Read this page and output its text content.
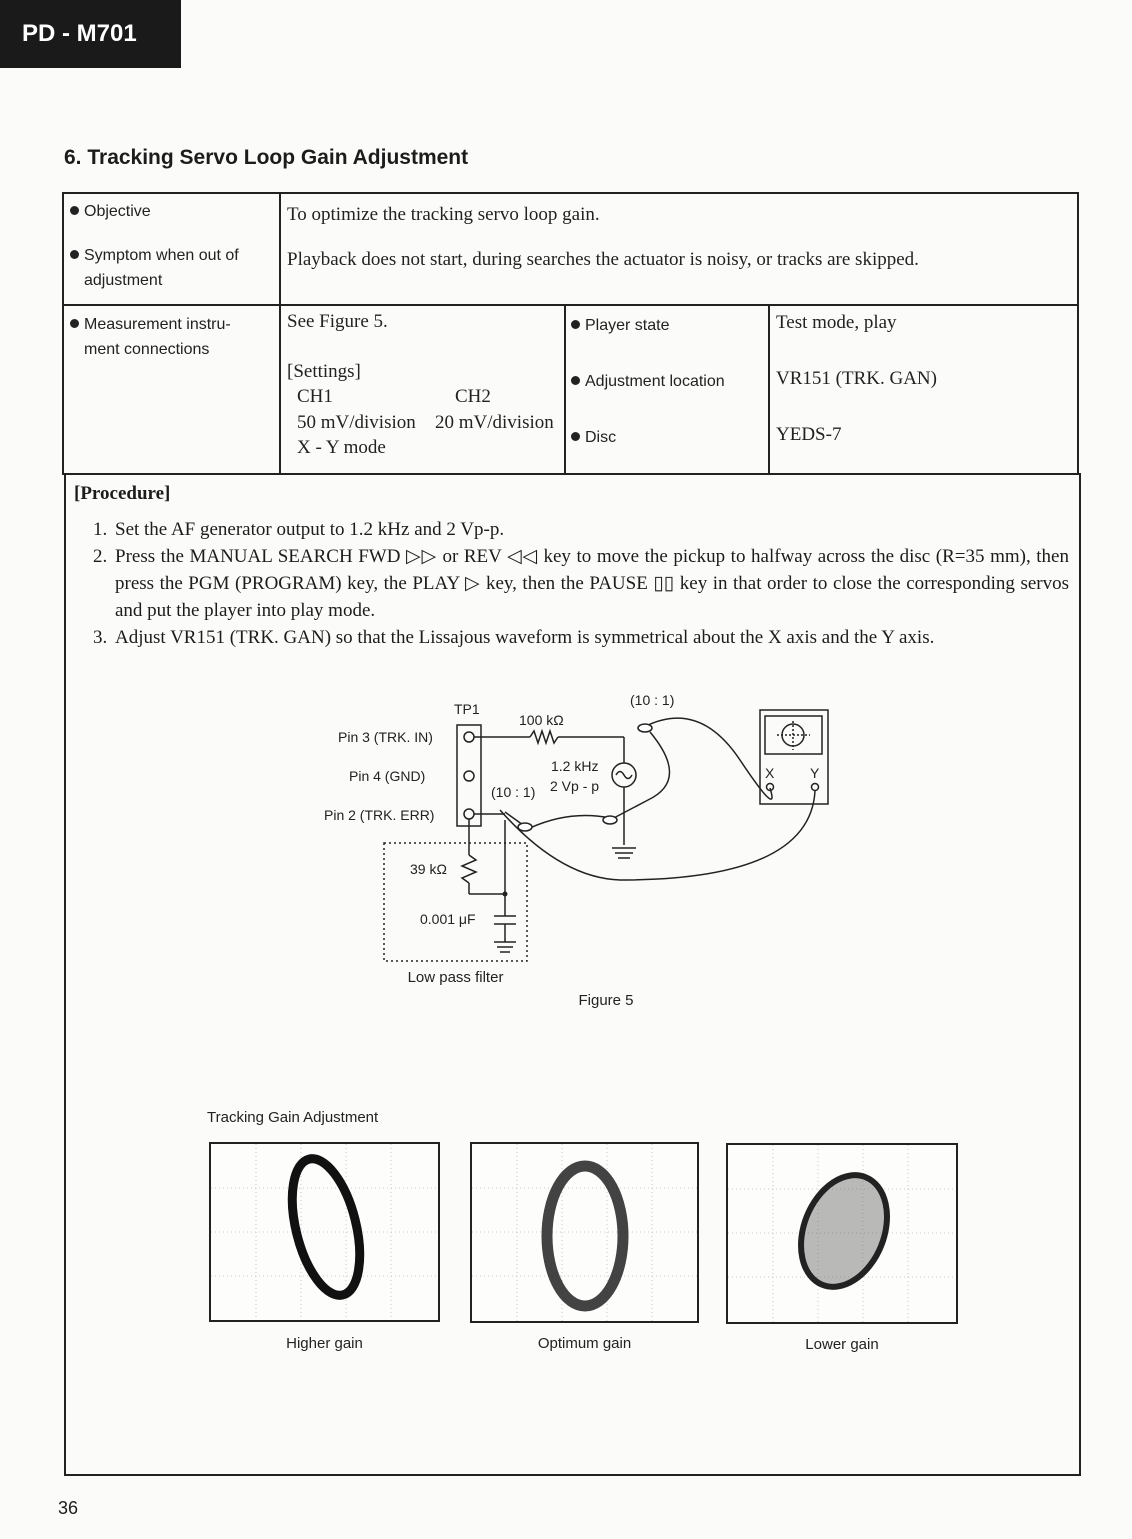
PD - M701
6. Tracking Servo Loop Gain Adjustment
Objective	To optimize the tracking servo loop gain.
Symptom when out of
adjustment
Playback does not start, during searches the actuator is noisy, or tracks are skipped.
Measurement instru-
ment connections
See Figure 5.
[Settings]
CH1	CH2
50 mV/division 20 mV/division
X - Y mode
Player state	Test mode, play
Adjustment location	VR151 (TRK. GAN)
Disc	YEDS-7
[Procedure]
1. Set the AF generator output to 1.2 kHz and 2 Vp-p.
2. Press the MANUAL SEARCH FWD ▷▷ or REV ◁◁ key to move the pickup to halfway across the disc (R=35 mm), then press the PGM (PROGRAM) key, the PLAY ▷ key, then the PAUSE ▯▯ key in that order to close the corresponding servos and put the player into play mode.
3. Adjust VR151 (TRK. GAN) so that the Lissajous waveform is symmetrical about the X axis and the Y axis.
TP1
Pin 3 (TRK. IN)
Pin 4 (GND)
Pin 2 (TRK. ERR)
100 kΩ
(10 : 1)
(10 : 1)
1.2 kHz
2 Vp - p
X	Y
39 kΩ
0.001 μF
Low pass filter
Figure 5
Tracking Gain Adjustment
Higher gain	Optimum gain	Lower gain
36
